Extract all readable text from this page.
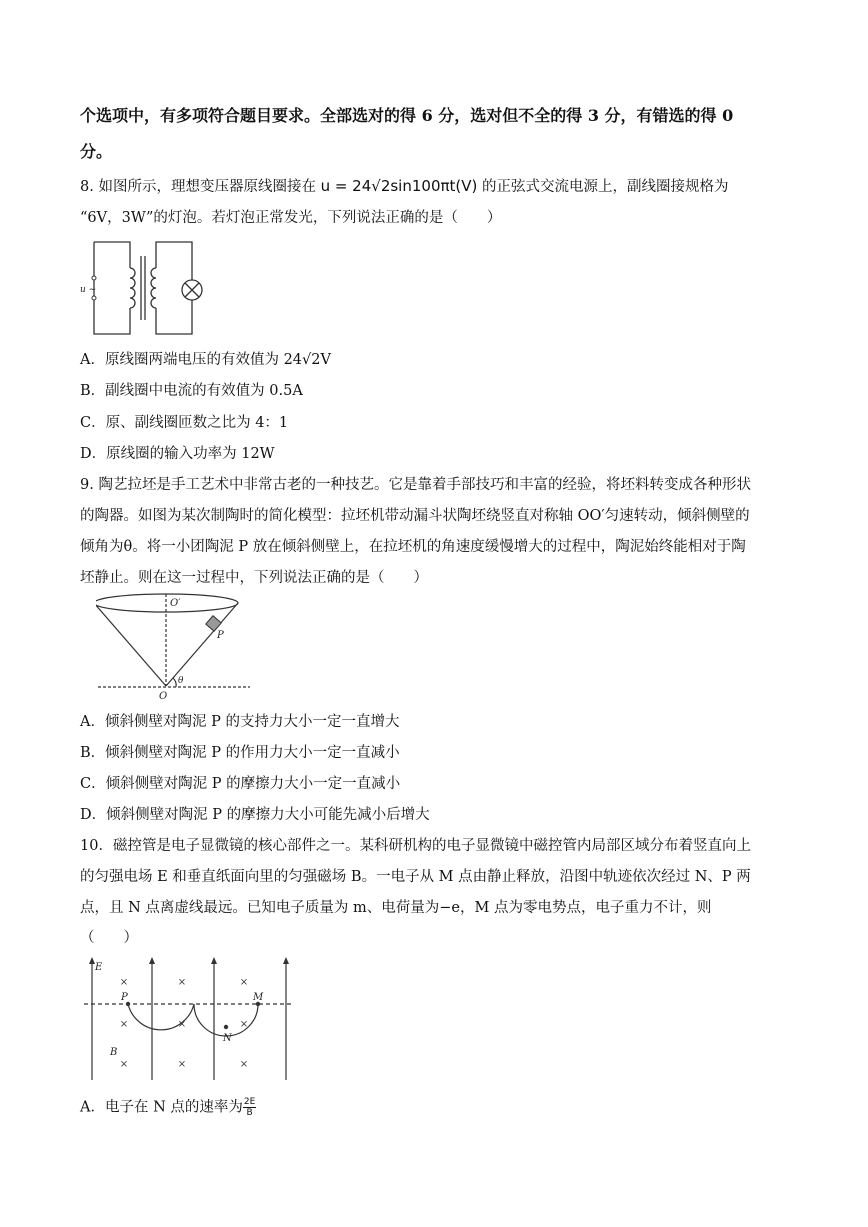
个选项中，有多项符合题目要求。全部选对的得 6 分，选对但不全的得 3 分，有错选的得 0
分。
8. 如图所示，理想变压器原线圈接在 u = 24√2sin100πt(V) 的正弦式交流电源上，副线圈接规格为
“6V，3W”的灯泡。若灯泡正常发光，下列说法正确的是（　　）
u ~
A．原线圈两端电压的有效值为 24√2V
B．副线圈中电流的有效值为 0.5A
C．原、副线圈匝数之比为 4：1
D．原线圈的输入功率为 12W
9. 陶艺拉坯是手工艺术中非常古老的一种技艺。它是靠着手部技巧和丰富的经验，将坯料转变成各种形状
的陶器。如图为某次制陶时的简化模型：拉坯机带动漏斗状陶坯绕竖直对称轴 OO′匀速转动，倾斜侧壁的
倾角为θ。将一小团陶泥 P 放在倾斜侧壁上，在拉坯机的角速度缓慢增大的过程中，陶泥始终能相对于陶
坯静止。则在这一过程中，下列说法正确的是（　　）
O′
P
O
θ
A．倾斜侧壁对陶泥 P 的支持力大小一定一直增大
B．倾斜侧壁对陶泥 P 的作用力大小一定一直减小
C．倾斜侧壁对陶泥 P 的摩擦力大小一定一直减小
D．倾斜侧壁对陶泥 P 的摩擦力大小可能先减小后增大
10．磁控管是电子显微镜的核心部件之一。某科研机构的电子显微镜中磁控管内局部区域分布着竖直向上
的匀强电场 E 和垂直纸面向里的匀强磁场 B。一电子从 M 点由静止释放，沿图中轨迹依次经过 N、P 两
点，且 N 点离虚线最远。已知电子质量为 m、电荷量为−e，M 点为零电势点，电子重力不计，则
（　　）
×	×	×
×	×	×
×	×	×
E
P	M
N
B
A．电子在 N 点的速率为 $\frac{2E}{B}$
